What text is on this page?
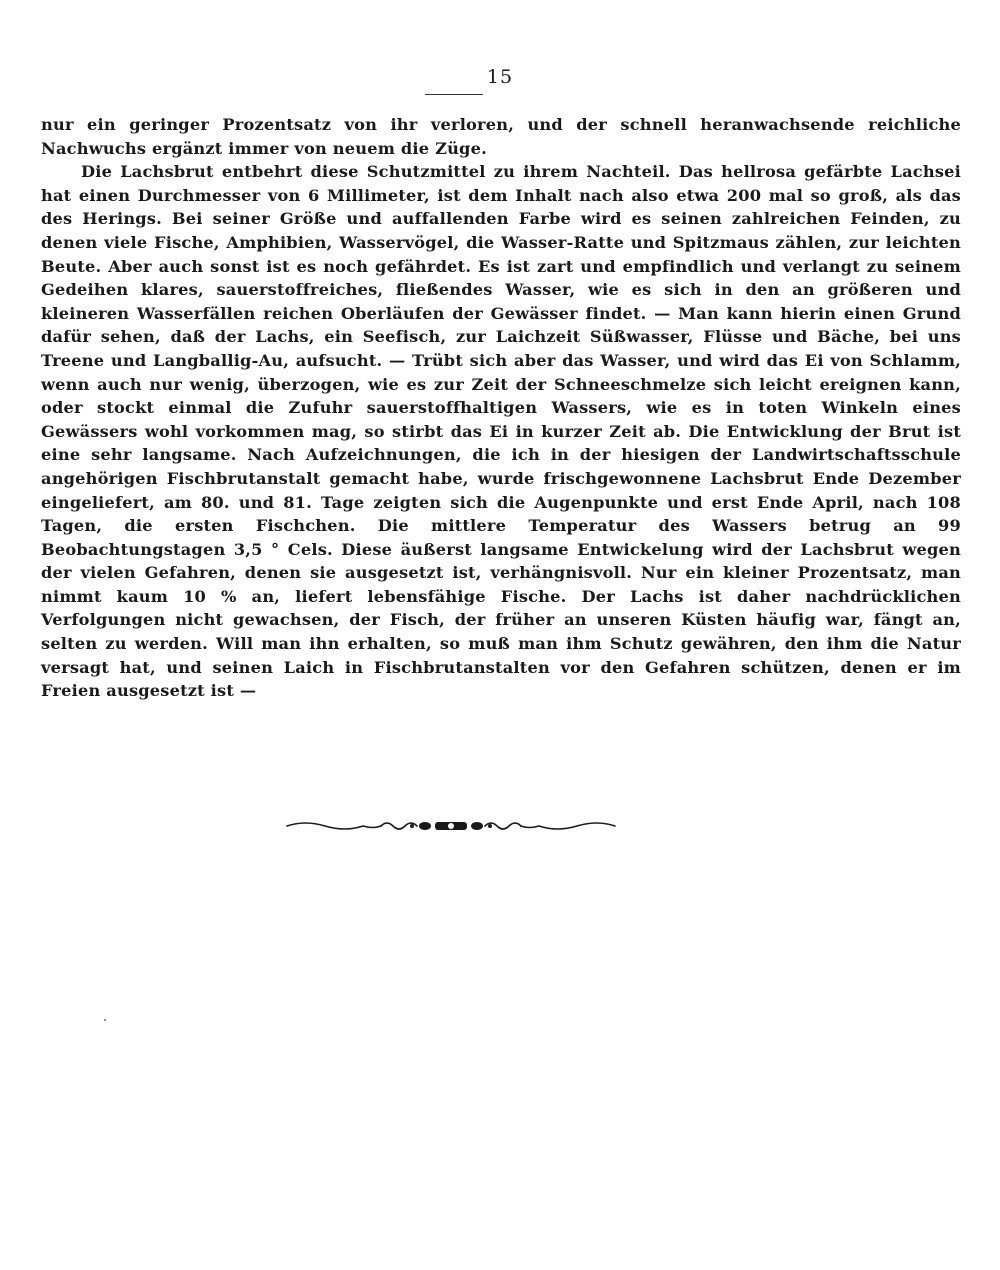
15

nur ein geringer Prozentsatz von ihr verloren, und der schnell heranwachsende reichliche Nachwuchs ergänzt immer von neuem die Züge.

Die Lachsbrut entbehrt diese Schutzmittel zu ihrem Nachteil. Das hellrosa gefärbte Lachsei hat einen Durchmesser von 6 Millimeter, ist dem Inhalt nach also etwa 200 mal so groß, als das des Herings. Bei seiner Größe und auffallenden Farbe wird es seinen zahlreichen Feinden, zu denen viele Fische, Amphibien, Wasservögel, die Wasser-Ratte und Spitzmaus zählen, zur leichten Beute. Aber auch sonst ist es noch gefährdet. Es ist zart und empfindlich und verlangt zu seinem Gedeihen klares, sauerstoffreiches, fließendes Wasser, wie es sich in den an größeren und kleineren Wasserfällen reichen Oberläufen der Gewässer findet. — Man kann hierin einen Grund dafür sehen, daß der Lachs, ein Seefisch, zur Laichzeit Süßwasser, Flüsse und Bäche, bei uns Treene und Langballig-Au, aufsucht. — Trübt sich aber das Wasser, und wird das Ei von Schlamm, wenn auch nur wenig, überzogen, wie es zur Zeit der Schneeschmelze sich leicht ereignen kann, oder stockt einmal die Zufuhr sauerstoffhaltigen Wassers, wie es in toten Winkeln eines Gewässers wohl vorkommen mag, so stirbt das Ei in kurzer Zeit ab. Die Entwicklung der Brut ist eine sehr langsame. Nach Aufzeichnungen, die ich in der hiesigen der Landwirtschaftsschule angehörigen Fischbrutanstalt gemacht habe, wurde frischgewonnene Lachsbrut Ende Dezember eingeliefert, am 80. und 81. Tage zeigten sich die Augenpunkte und erst Ende April, nach 108 Tagen, die ersten Fischchen. Die mittlere Temperatur des Wassers betrug an 99 Beobachtungstagen 3,5 ° Cels. Diese äußerst langsame Entwickelung wird der Lachsbrut wegen der vielen Gefahren, denen sie ausgesetzt ist, verhängnisvoll. Nur ein kleiner Prozentsatz, man nimmt kaum 10 % an, liefert lebensfähige Fische. Der Lachs ist daher nachdrücklichen Verfolgungen nicht gewachsen, der Fisch, der früher an unseren Küsten häufig war, fängt an, selten zu werden. Will man ihn erhalten, so muß man ihm Schutz gewähren, den ihm die Natur versagt hat, und seinen Laich in Fischbrutanstalten vor den Gefahren schützen, denen er im Freien ausgesetzt ist —
